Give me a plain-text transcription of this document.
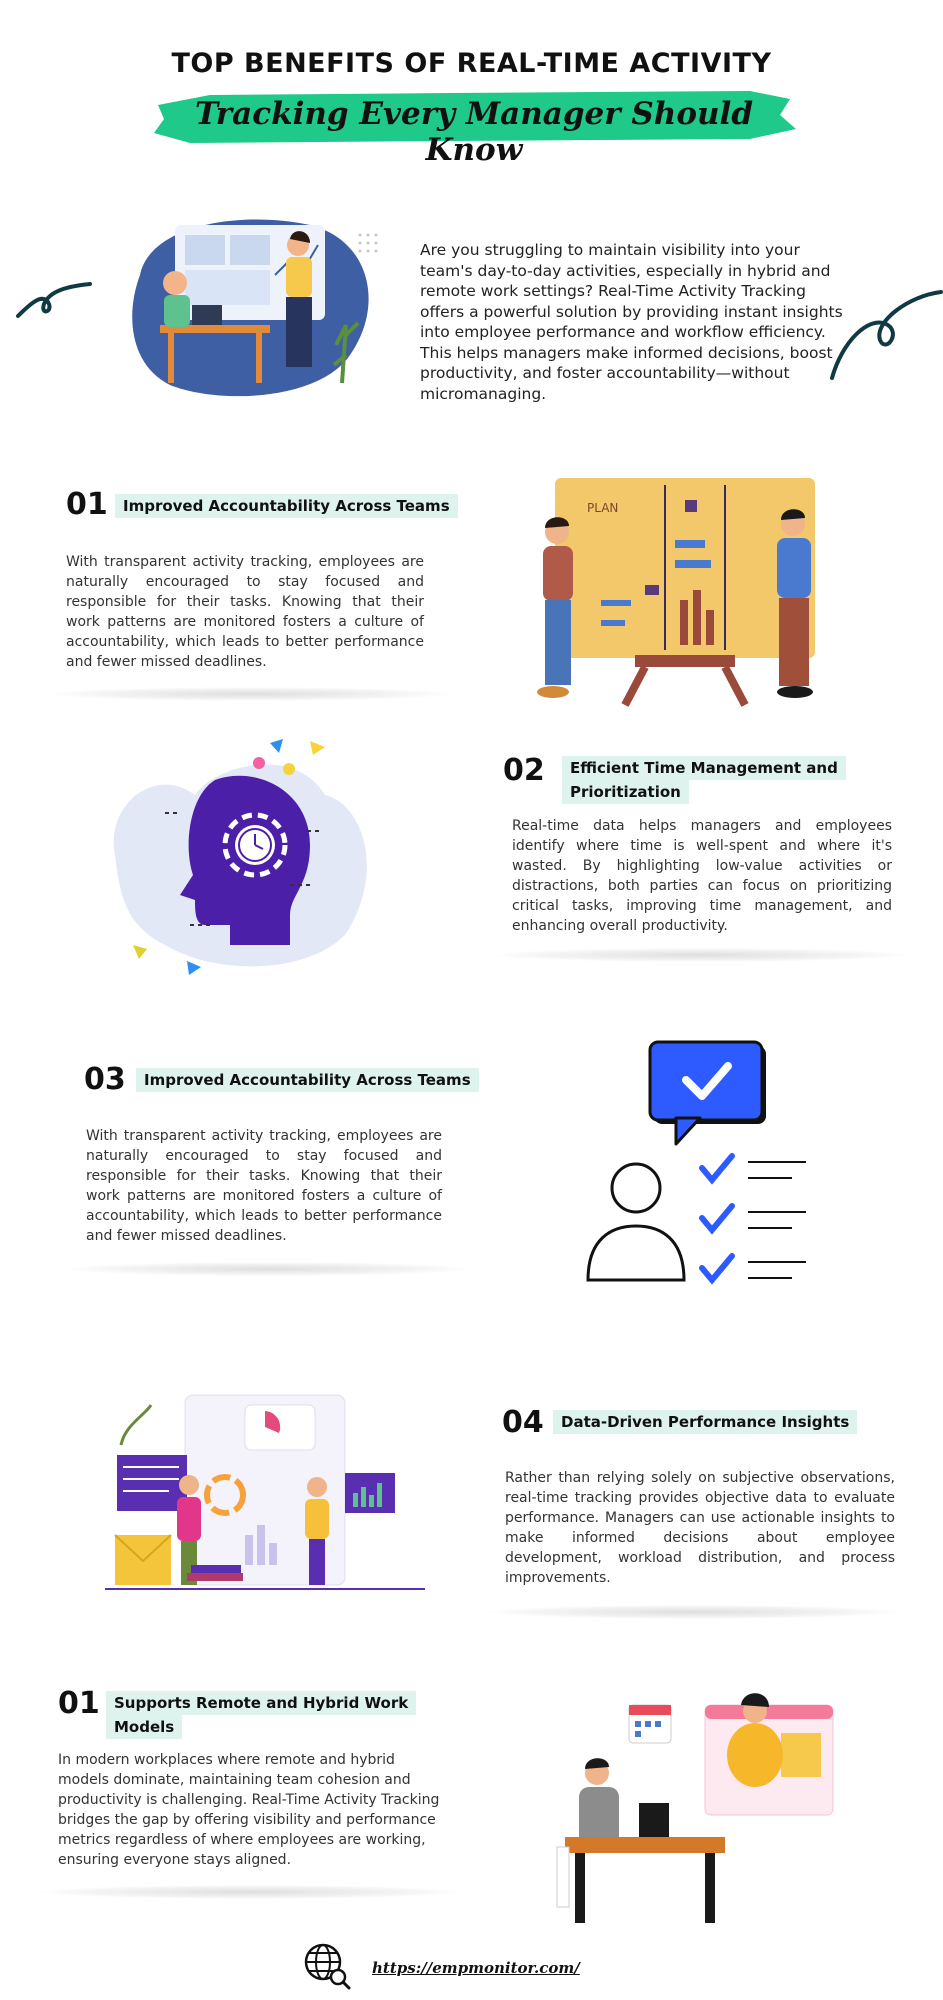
TOP BENEFITS OF REAL-TIME ACTIVITY
Tracking Every Manager Should Know
Are you struggling to maintain visibility into your team's day-to-day activities, especially in hybrid and remote work settings? Real-Time Activity Tracking offers a powerful solution by providing instant insights into employee performance and workflow efficiency. This helps managers make informed decisions, boost productivity, and foster accountability—without micromanaging.
01	Improved Accountability Across Teams
With transparent activity tracking, employees are naturally encouraged to stay focused and responsible for their tasks. Knowing that their work patterns are monitored fosters a culture of accountability, which leads to better performance and fewer missed deadlines.
PLAN
02	Efficient Time Management and
Prioritization
Real-time data helps managers and employees identify where time is well-spent and where it's wasted. By highlighting low-value activities or distractions, both parties can focus on prioritizing critical tasks, improving time management, and enhancing overall productivity.
03	Improved Accountability Across Teams
With transparent activity tracking, employees are naturally encouraged to stay focused and responsible for their tasks. Knowing that their work patterns are monitored fosters a culture of accountability, which leads to better performance and fewer missed deadlines.
04	Data-Driven Performance Insights
Rather than relying solely on subjective observations, real-time tracking provides objective data to evaluate performance. Managers can use actionable insights to make informed decisions about employee development, workload distribution, and process improvements.
01 Supports Remote and Hybrid Work
Models
In modern workplaces where remote and hybrid models dominate, maintaining team cohesion and productivity is challenging. Real-Time Activity Tracking bridges the gap by offering visibility and performance metrics regardless of where employees are working, ensuring everyone stays aligned.
https://empmonitor.com/
